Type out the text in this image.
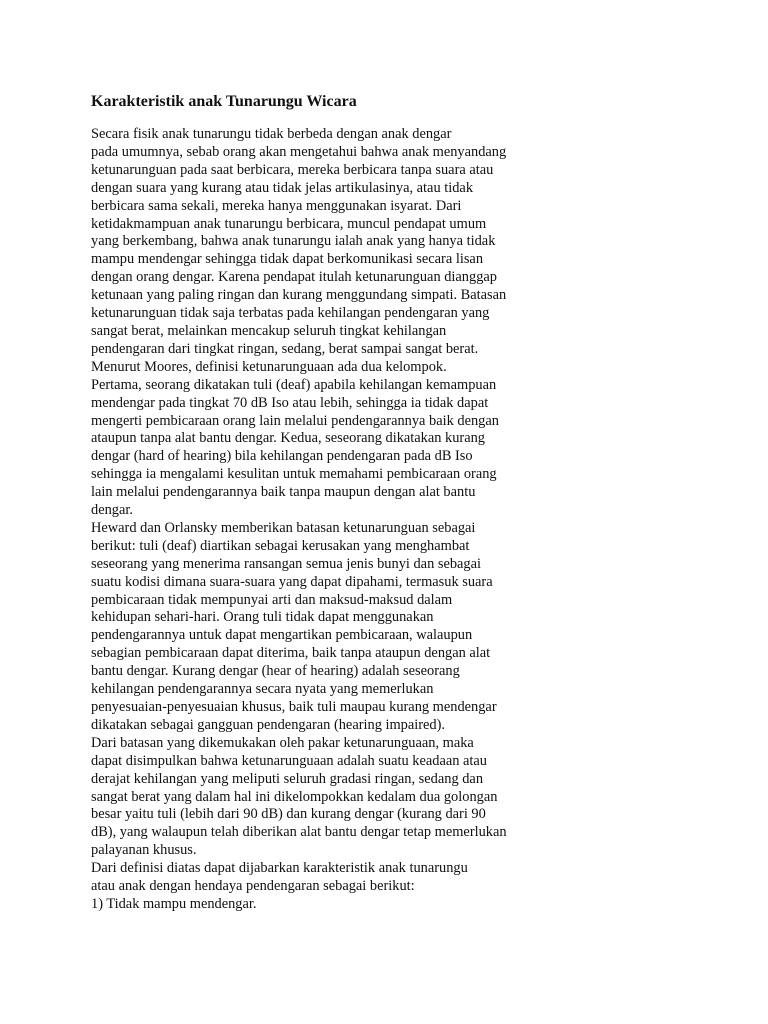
Karakteristik anak Tunarungu Wicara
Secara fisik anak tunarungu tidak berbeda dengan anak dengar
pada umumnya, sebab orang akan mengetahui bahwa anak menyandang
ketunarunguan pada saat berbicara, mereka berbicara tanpa suara atau
dengan suara yang kurang atau tidak jelas artikulasinya, atau tidak
berbicara sama sekali, mereka hanya menggunakan isyarat. Dari
ketidakmampuan anak tunarungu berbicara, muncul pendapat umum
yang berkembang, bahwa anak tunarungu ialah anak yang hanya tidak
mampu mendengar sehingga tidak dapat berkomunikasi secara lisan
dengan orang dengar. Karena pendapat itulah ketunarunguan dianggap
ketunaan yang paling ringan dan kurang menggundang simpati. Batasan
ketunarunguan tidak saja terbatas pada kehilangan pendengaran yang
sangat berat, melainkan mencakup seluruh tingkat kehilangan
pendengaran dari tingkat ringan, sedang, berat sampai sangat berat.
Menurut Moores, definisi ketunarunguaan ada dua kelompok.
Pertama, seorang dikatakan tuli (deaf) apabila kehilangan kemampuan
mendengar pada tingkat 70 dB Iso atau lebih, sehingga ia tidak dapat
mengerti pembicaraan orang lain melalui pendengarannya baik dengan
ataupun tanpa alat bantu dengar. Kedua, seseorang dikatakan kurang
dengar (hard of hearing) bila kehilangan pendengaran pada dB Iso
sehingga ia mengalami kesulitan untuk memahami pembicaraan orang
lain melalui pendengarannya baik tanpa maupun dengan alat bantu
dengar.
Heward dan Orlansky memberikan batasan ketunarunguan sebagai
berikut: tuli (deaf) diartikan sebagai kerusakan yang menghambat
seseorang yang menerima ransangan semua jenis bunyi dan sebagai
suatu kodisi dimana suara-suara yang dapat dipahami, termasuk suara
pembicaraan tidak mempunyai arti dan maksud-maksud dalam
kehidupan sehari-hari. Orang tuli tidak dapat menggunakan
pendengarannya untuk dapat mengartikan pembicaraan, walaupun
sebagian pembicaraan dapat diterima, baik tanpa ataupun dengan alat
bantu dengar. Kurang dengar (hear of hearing) adalah seseorang
kehilangan pendengarannya secara nyata yang memerlukan
penyesuaian-penyesuaian khusus, baik tuli maupau kurang mendengar
dikatakan sebagai gangguan pendengaran (hearing impaired).
Dari batasan yang dikemukakan oleh pakar ketunarunguaan, maka
dapat disimpulkan bahwa ketunarunguaan adalah suatu keadaan atau
derajat kehilangan yang meliputi seluruh gradasi ringan, sedang dan
sangat berat yang dalam hal ini dikelompokkan kedalam dua golongan
besar yaitu tuli (lebih dari 90 dB) dan kurang dengar (kurang dari 90
dB), yang walaupun telah diberikan alat bantu dengar tetap memerlukan
palayanan khusus.
Dari definisi diatas dapat dijabarkan karakteristik anak tunarungu
atau anak dengan hendaya pendengaran sebagai berikut:
1) Tidak mampu mendengar.
